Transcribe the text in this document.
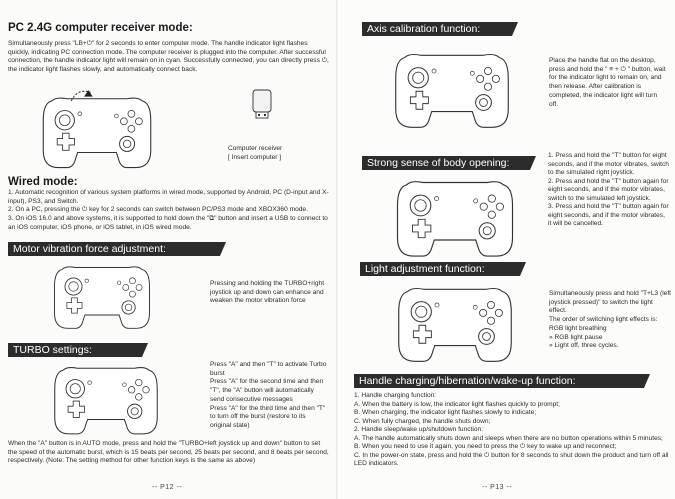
PC 2.4G computer receiver mode:
Simultaneously press "LB+⏻" for 2 seconds to enter computer mode. The handle indicator light flashes quickly, indicating PC connection mode. The computer receiver is plugged into the computer. After successful connection, the handle indicator light will remain on in cyan. Successfully connected, you can directly press ⏻, the indicator light flashes slowly, and automatically connect back.
Computer receiver
[ Insert computer ]
Wired mode:
1. Automatic recognition of various system platforms in wired mode, supported by Android, PC (D-input and X-input), PS3, and Switch.
2. On a PC, pressing the ⏻ key for 2 seconds can switch between PC/PS3 mode and XBOX360 mode.
3. On iOS 16.0 and above systems, it is supported to hold down the "⧉" button and insert a USB to connect to an iOS computer, iOS phone, or iOS tablet, in iOS wired mode.
Motor vibration force adjustment:
Pressing and holding the TURBO+right joystick up and down can enhance and weaken the motor vibration force
TURBO settings:
Press "A" and then "T" to activate Turbo burst
Press "A" for the second time and then "T", the "A" button will automatically send consecutive messages
Press "A" for the third time and then "T" to turn off the burst (restore to its original state)
When the "A" button is in AUTO mode, press and hold the "TURBO+left joystick up and down" button to set the speed of the automatic burst, which is 15 beats per second, 25 beats per second, and 8 beats per second, respectively. (Note: The setting method for other function keys is the same as above)
-- P12 --
Axis calibration function:
Place the handle flat on the desktop, press and hold the " ≡ + ⏻ " button, wait for the indicator light to remain on, and then release. After calibration is completed, the indicator light will turn off.
Strong sense of body opening:
1. Press and hold the "T" button for eight seconds, and if the motor vibrates, switch to the simulated right joystick.
2. Press and hold the "T" button again for eight seconds, and if the motor vibrates, switch to the simulated left joystick.
3. Press and hold the "T" button again for eight seconds, and if the motor vibrates, it will be cancelled.
Light adjustment function:
Simultaneously press and hold "T+L3 (left joystick pressed)" to switch the light effect.
The order of switching light effects is:
RGB light breathing
» RGB light pause
» Light off, three cycles.
Handle charging/hibernation/wake-up function:
1. Handle charging function:
A. When the battery is low, the indicator light flashes quickly to prompt;
B. When charging, the indicator light flashes slowly to indicate;
C. When fully charged, the handle shuts down;
2. Handle sleep/wake up/shutdown function:
A. The handle automatically shuts down and sleeps when there are no button operations within 5 minutes;
B. When you need to use it again, you need to press the ⏻ key to wake up and reconnect;
C. In the power-on state, press and hold the ⏻ button for 8 seconds to shut down the product and turn off all LED indicators.
-- P13 --
